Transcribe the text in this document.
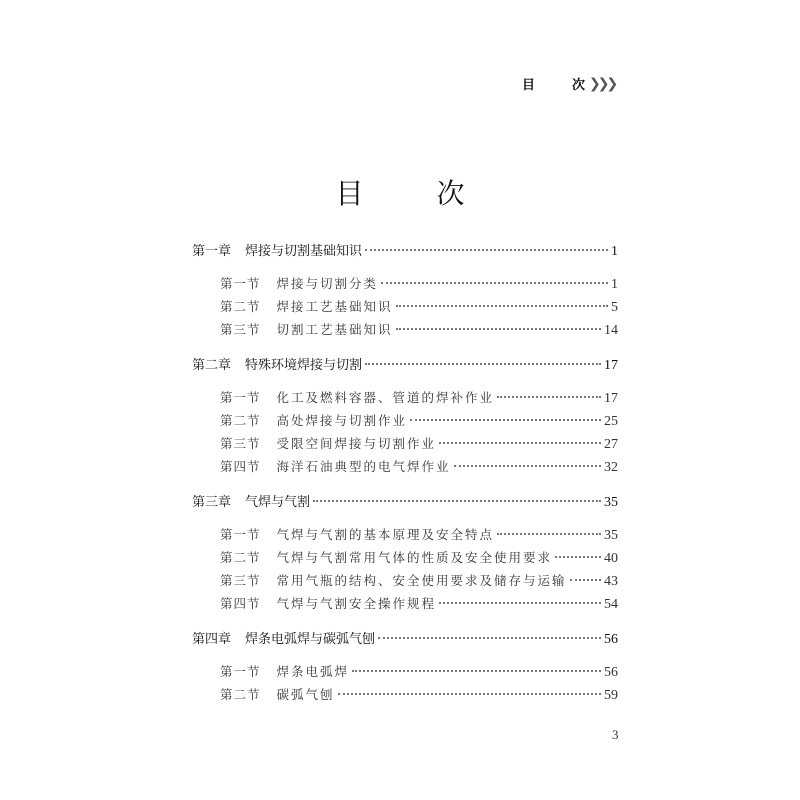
目	次 ❯❯❯
目	次
第一章 焊接与切割基础知识	1
第一节 焊接与切割分类	1
第二节 焊接工艺基础知识	5
第三节 切割工艺基础知识	14
第二章 特殊环境焊接与切割	17
第一节 化工及燃料容器、管道的焊补作业	17
第二节 高处焊接与切割作业	25
第三节 受限空间焊接与切割作业	27
第四节 海洋石油典型的电气焊作业	32
第三章 气焊与气割	35
第一节 气焊与气割的基本原理及安全特点	35
第二节 气焊与气割常用气体的性质及安全使用要求	40
第三节 常用气瓶的结构、安全使用要求及储存与运输	43
第四节 气焊与气割安全操作规程	54
第四章 焊条电弧焊与碳弧气刨	56
第一节 焊条电弧焊	56
第二节 碳弧气刨	59
3
